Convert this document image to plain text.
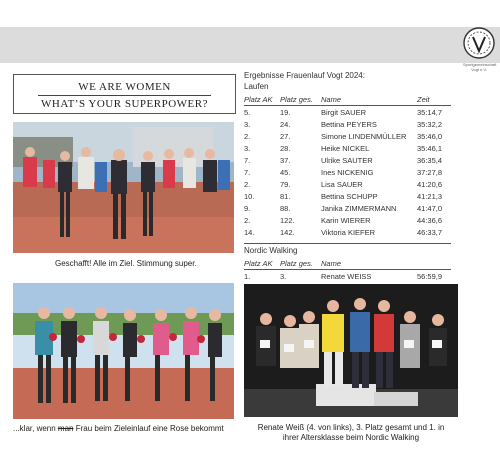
Sportgemeinschaft Vogt e.V.
WE ARE WOMEN
WHAT’S YOUR SUPERPOWER?
Geschafft! Alle im Ziel. Stimmung super.
...klar, wenn man Frau beim Zieleinlauf eine Rose bekommt	Renate Weiß (4. von links), 3. Platz gesamt und 1. in
ihrer Altersklasse beim Nordic Walking
Ergebnisse Frauenlauf Vogt 2024:
Laufen
Platz AK Platz ges. Name	Zeit
5.	19.	Birgit SAUER	35:14,7
3.	24.	Bettina PEYERS	35:32,2
2.	27.	Simone LINDENMÜLLER 35:46,0
3.	28.	Heike NICKEL	35:46,1
7.	37.	Ulrike SAUTER	36:35,4
7.	45.	Ines NICKENIG	37:27,8
2.	79.	Lisa SAUER	41:20,6
10.	81.	Bettina SCHUPP	41:21,3
9.	88.	Janika ZIMMERMANN	41:47,0
2.	122.	Karin WIERER	44:36,6
14.	142.	Viktoria KIEFER	46:33,7
Nordic Walking
Platz AK Platz ges. Name
1.	3.	Renate WEISS	56:59,9
